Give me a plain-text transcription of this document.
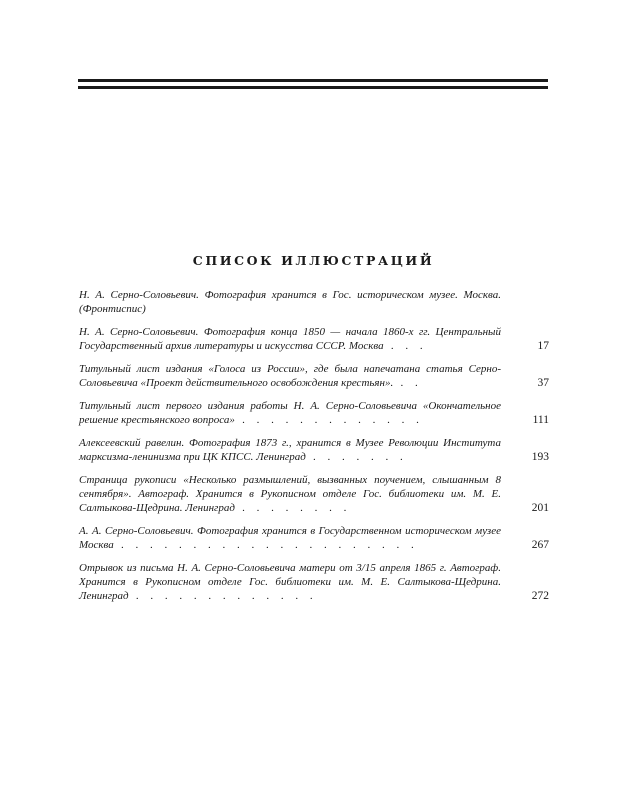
СПИСОК ИЛЛЮСТРАЦИЙ
Н. А. Серно-Соловьевич. Фотография хранится в Гос. историческом музее. Москва. (Фронтиспис)
Н. А. Серно-Соловьевич. Фотография конца 1850 — начала 1860-х гг. Центральный Государственный архив литературы и искусства СССР. Москва . . .	17
Титульный лист издания «Голоса из России», где была напечатана статья Серно-Соловьевича «Проект действительного освобождения крестьян». . .	37
Титульный лист первого издания работы Н. А. Серно-Соловьевича «Окончательное решение крестьянского вопроса» . . . . . . . . . . . . .	111
Алексеевский равелин. Фотография 1873 г., хранится в Музее Революции Института марксизма-ленинизма при ЦК КПСС. Ленинград . . . . . . .	193
Страница рукописи «Несколько размышлений, вызванных поучением, слышанным 8 сентября». Автограф. Хранится в Рукописном отделе Гос. библиотеки им. М. Е. Салтыкова-Щедрина. Ленинград . . . . . . . .	201
А. А. Серно-Соловьевич. Фотография хранится в Государственном историческом музее Москва . . . . . . . . . . . . . . . . . . . . .	267
Отрывок из письма Н. А. Серно-Соловьевича матери от 3/15 апреля 1865 г. Автограф. Хранится в Рукописном отделе Гос. библиотеки им. М. Е. Салтыкова-Щедрина. Ленинград . . . . . . . . . . . . .	272
